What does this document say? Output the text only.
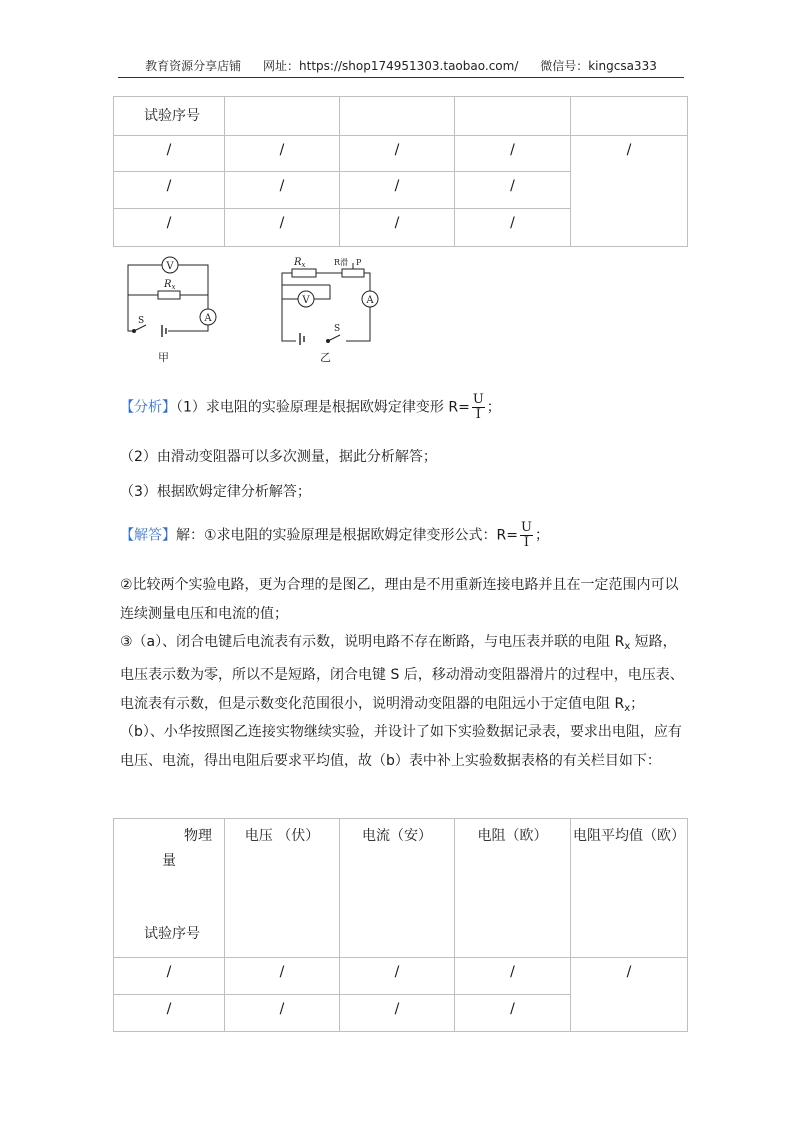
教育资源分享店铺 网址：https://shop174951303.taobao.com/ 微信号：kingcsa333
试验序号				

/	/	/	/	/

/	/	/	/	

/	/	/	/	
V
A
$R_x$
S
甲
V	A
$R_x$	R滑 P
S
乙
【分析】（1）求电阻的实验原理是根据欧姆定律变形 $R= \frac{U}{I}$ ；
（2）由滑动变阻器可以多次测量，据此分析解答；
（3）根据欧姆定律分析解答；
【解答】解：①求电阻的实验原理是根据欧姆定律变形公式：$R= \frac{U}{I}$ ；
②比较两个实验电路，更为合理的是图乙，理由是不用重新连接电路并且在一定范围内可以连续测量电压和电流的值；
③（a）、闭合电键后电流表有示数，说明电路不存在断路，与电压表并联的电阻 $R_x$ 短路，电压表示数为零，所以不是短路，闭合电键 S 后，移动滑动变阻器滑片的过程中，电压表、电流表有示数，但是示数变化范围很小，说明滑动变阻器的电阻远小于定值电阻 $R_x$；
（b）、小华按照图乙连接实物继续实验，并设计了如下实验数据记录表，要求出电阻，应有电压、电流，得出电阻后要求平均值，故（b）表中补上实验数据表格的有关栏目如下：
物理
量
试验序号	电压 （伏）	电流（安）	电阻（欧）	电阻平均值（欧）

/	/	/	/	/

/	/	/	/	
